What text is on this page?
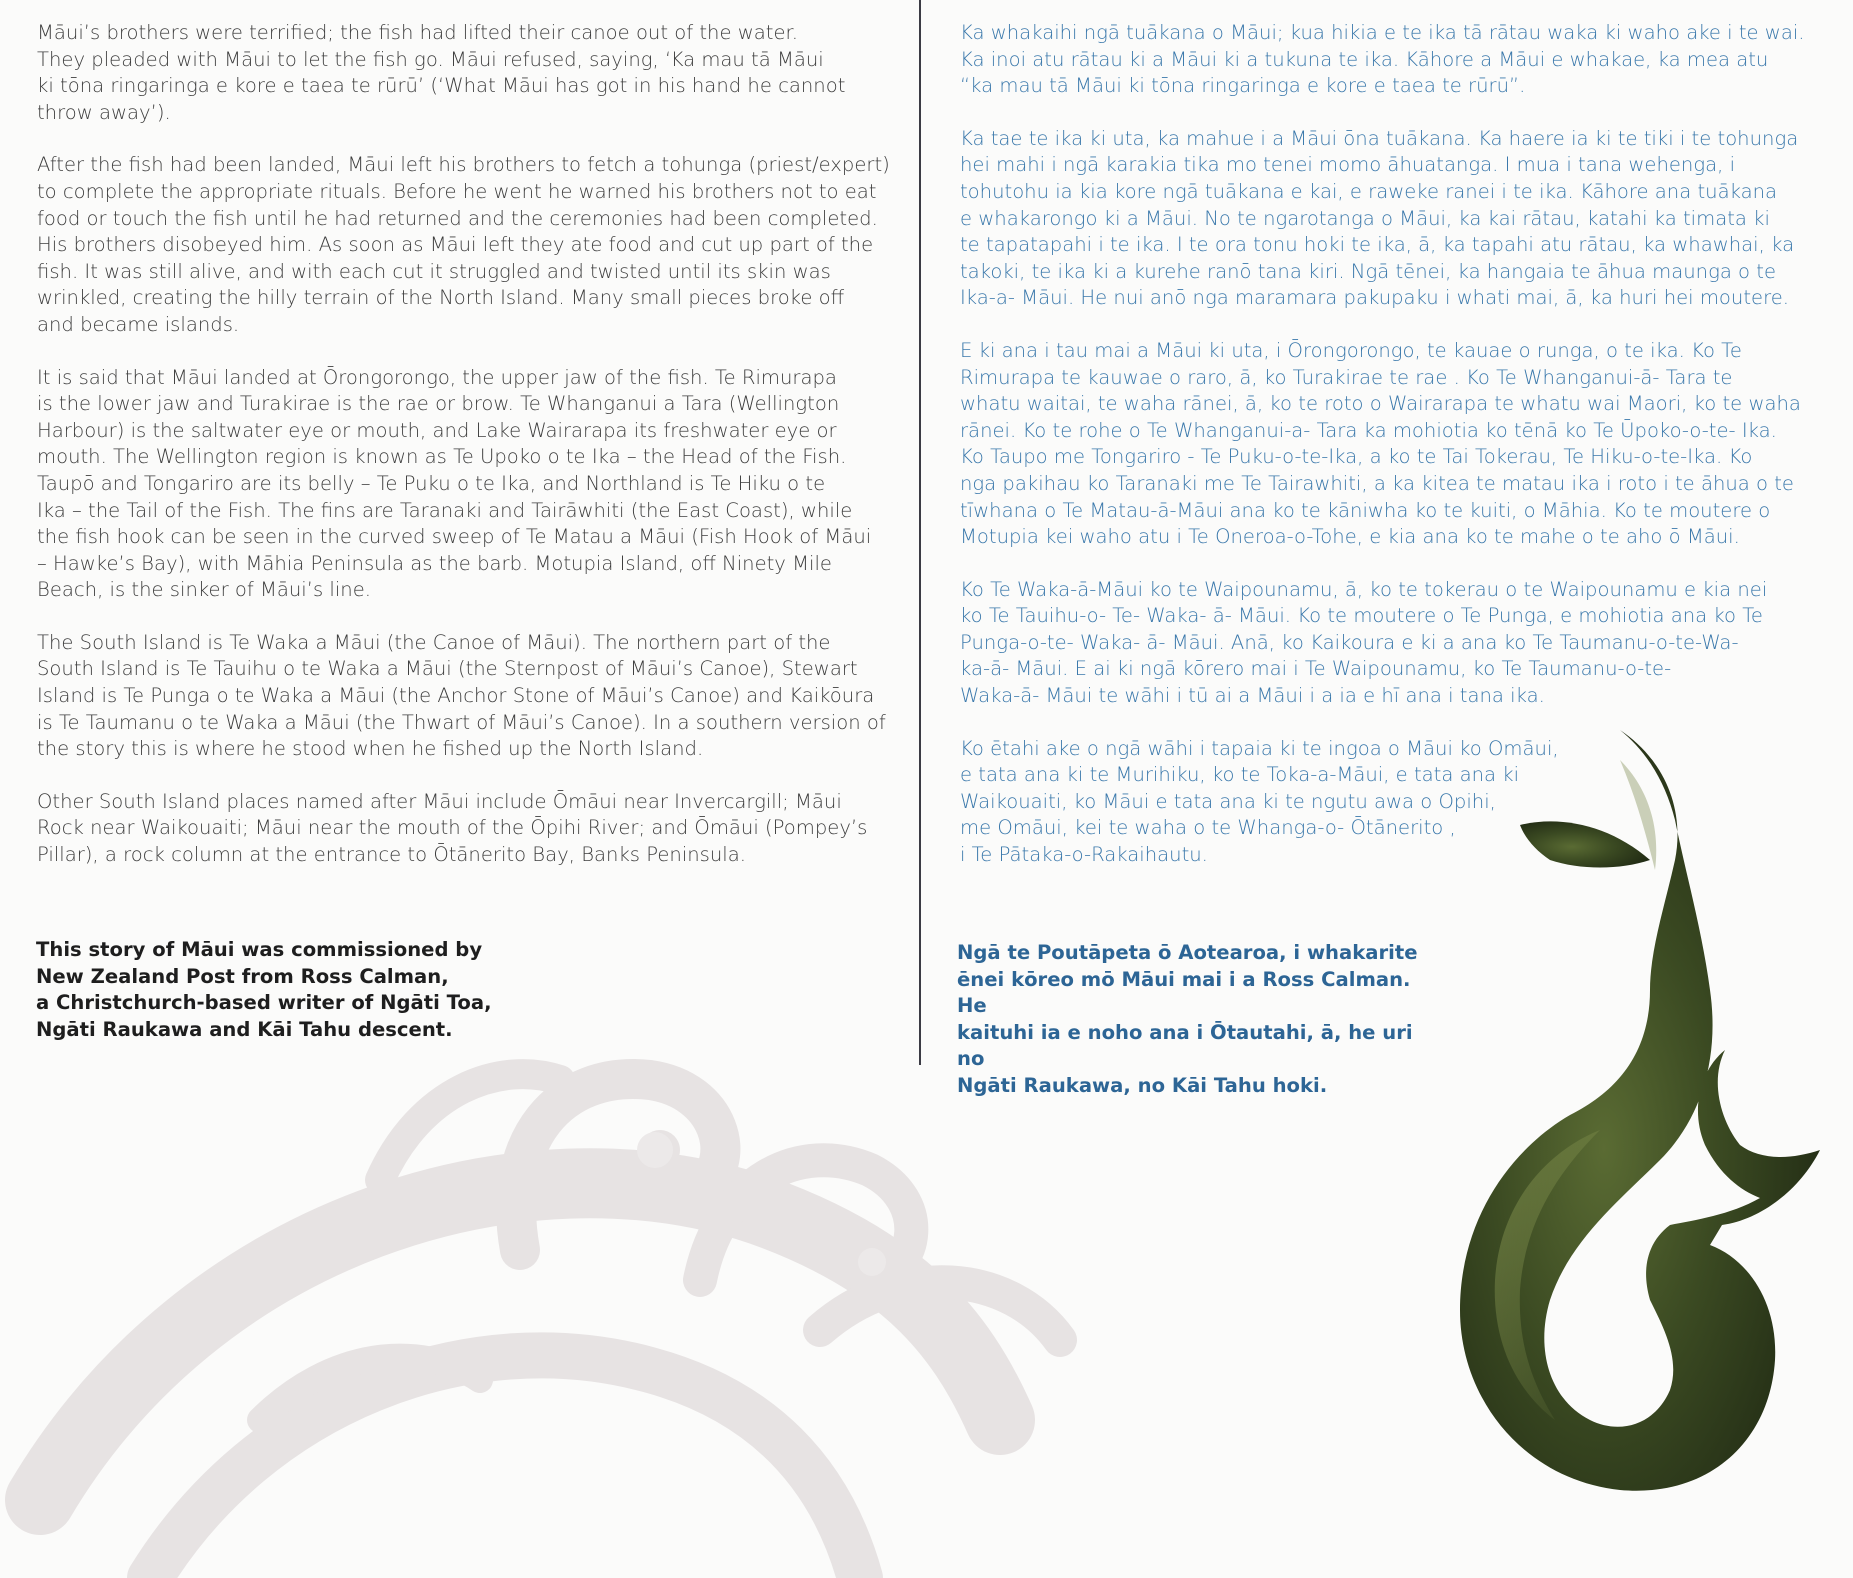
Māui’s brothers were terrified; the fish had lifted their canoe out of the water.
They pleaded with Māui to let the fish go. Māui refused, saying, ‘Ka mau tā Māui
ki tōna ringaringa e kore e taea te rūrū’ (‘What Māui has got in his hand he cannot
throw away’).

After the fish had been landed, Māui left his brothers to fetch a tohunga (priest/expert)
to complete the appropriate rituals. Before he went he warned his brothers not to eat
food or touch the fish until he had returned and the ceremonies had been completed.
His brothers disobeyed him. As soon as Māui left they ate food and cut up part of the
fish. It was still alive, and with each cut it struggled and twisted until its skin was
wrinkled, creating the hilly terrain of the North Island. Many small pieces broke off
and became islands.

It is said that Māui landed at Ōrongorongo, the upper jaw of the fish. Te Rimurapa
is the lower jaw and Turakirae is the rae or brow. Te Whanganui a Tara (Wellington
Harbour) is the saltwater eye or mouth, and Lake Wairarapa its freshwater eye or
mouth. The Wellington region is known as Te Upoko o te Ika – the Head of the Fish.
Taupō and Tongariro are its belly – Te Puku o te Ika, and Northland is Te Hiku o te
Ika – the Tail of the Fish. The fins are Taranaki and Tairāwhiti (the East Coast), while
the fish hook can be seen in the curved sweep of Te Matau a Māui (Fish Hook of Māui
– Hawke’s Bay), with Māhia Peninsula as the barb. Motupia Island, off Ninety Mile
Beach, is the sinker of Māui’s line.

The South Island is Te Waka a Māui (the Canoe of Māui). The northern part of the
South Island is Te Tauihu o te Waka a Māui (the Sternpost of Māui’s Canoe), Stewart
Island is Te Punga o te Waka a Māui (the Anchor Stone of Māui’s Canoe) and Kaikōura
is Te Taumanu o te Waka a Māui (the Thwart of Māui’s Canoe). In a southern version of
the story this is where he stood when he fished up the North Island.

Other South Island places named after Māui include Ōmāui near Invercargill; Māui
Rock near Waikouaiti; Māui near the mouth of the Ōpihi River; and Ōmāui (Pompey’s
Pillar), a rock column at the entrance to Ōtānerito Bay, Banks Peninsula.

Ka whakaihi ngā tuākana o Māui; kua hikia e te ika tā rātau waka ki waho ake i te wai.
Ka inoi atu rātau ki a Māui ki a tukuna te ika. Kāhore a Māui e whakae, ka mea atu
“ka mau tā Māui ki tōna ringaringa e kore e taea te rūrū”.

Ka tae te ika ki uta, ka mahue i a Māui ōna tuākana. Ka haere ia ki te tiki i te tohunga
hei mahi i ngā karakia tika mo tenei momo āhuatanga. I mua i tana wehenga, i
tohutohu ia kia kore ngā tuākana e kai, e raweke ranei i te ika. Kāhore ana tuākana
e whakarongo ki a Māui. No te ngarotanga o Māui, ka kai rātau, katahi ka timata ki
te tapatapahi i te ika. I te ora tonu hoki te ika, ā, ka tapahi atu rātau, ka whawhai, ka
takoki, te ika ki a kurehe ranō tana kiri. Ngā tēnei, ka hangaia te āhua maunga o te
Ika-a- Māui. He nui anō nga maramara pakupaku i whati mai, ā, ka huri hei moutere.

E ki ana i tau mai a Māui ki uta, i Ōrongorongo, te kauae o runga, o te ika. Ko Te
Rimurapa te kauwae o raro, ā, ko Turakirae te rae . Ko Te Whanganui-ā- Tara te
whatu waitai, te waha rānei, ā, ko te roto o Wairarapa te whatu wai Maori, ko te waha
rānei. Ko te rohe o Te Whanganui-a- Tara ka mohiotia ko tēnā ko Te Ūpoko-o-te- Ika.
Ko Taupo me Tongariro - Te Puku-o-te-Ika, a ko te Tai Tokerau, Te Hiku-o-te-Ika. Ko
nga pakihau ko Taranaki me Te Tairawhiti, a ka kitea te matau ika i roto i te āhua o te
tīwhana o Te Matau-ā-Māui ana ko te kāniwha ko te kuiti, o Māhia. Ko te moutere o
Motupia kei waho atu i Te Oneroa-o-Tohe, e kia ana ko te mahe o te aho ō Māui.

Ko Te Waka-ā-Māui ko te Waipounamu, ā, ko te tokerau o te Waipounamu e kia nei
ko Te Tauihu-o- Te- Waka- ā- Māui. Ko te moutere o Te Punga, e mohiotia ana ko Te
Punga-o-te- Waka- ā- Māui. Anā, ko Kaikoura e ki a ana ko Te Taumanu-o-te-Wa-
ka-ā- Māui. E ai ki ngā kōrero mai i Te Waipounamu, ko Te Taumanu-o-te-
Waka-ā- Māui te wāhi i tū ai a Māui i a ia e hī ana i tana ika.

Ko ētahi ake o ngā wāhi i tapaia ki te ingoa o Māui ko Omāui,
e tata ana ki te Murihiku, ko te Toka-a-Māui, e tata ana ki
Waikouaiti, ko Māui e tata ana ki te ngutu awa o Opihi,
me Omāui, kei te waha o te Whanga-o- Ōtānerito ,
i Te Pātaka-o-Rakaihautu.

This story of Māui was commissioned by
New Zealand Post from Ross Calman,
a Christchurch-based writer of Ngāti Toa,
Ngāti Raukawa and Kāi Tahu descent.

Ngā te Poutāpeta ō Aotearoa, i whakarite
ēnei kōreo mō Māui mai i a Ross Calman. He
kaituhi ia e noho ana i Ōtautahi, ā, he uri no
Ngāti Raukawa, no Kāi Tahu hoki.
